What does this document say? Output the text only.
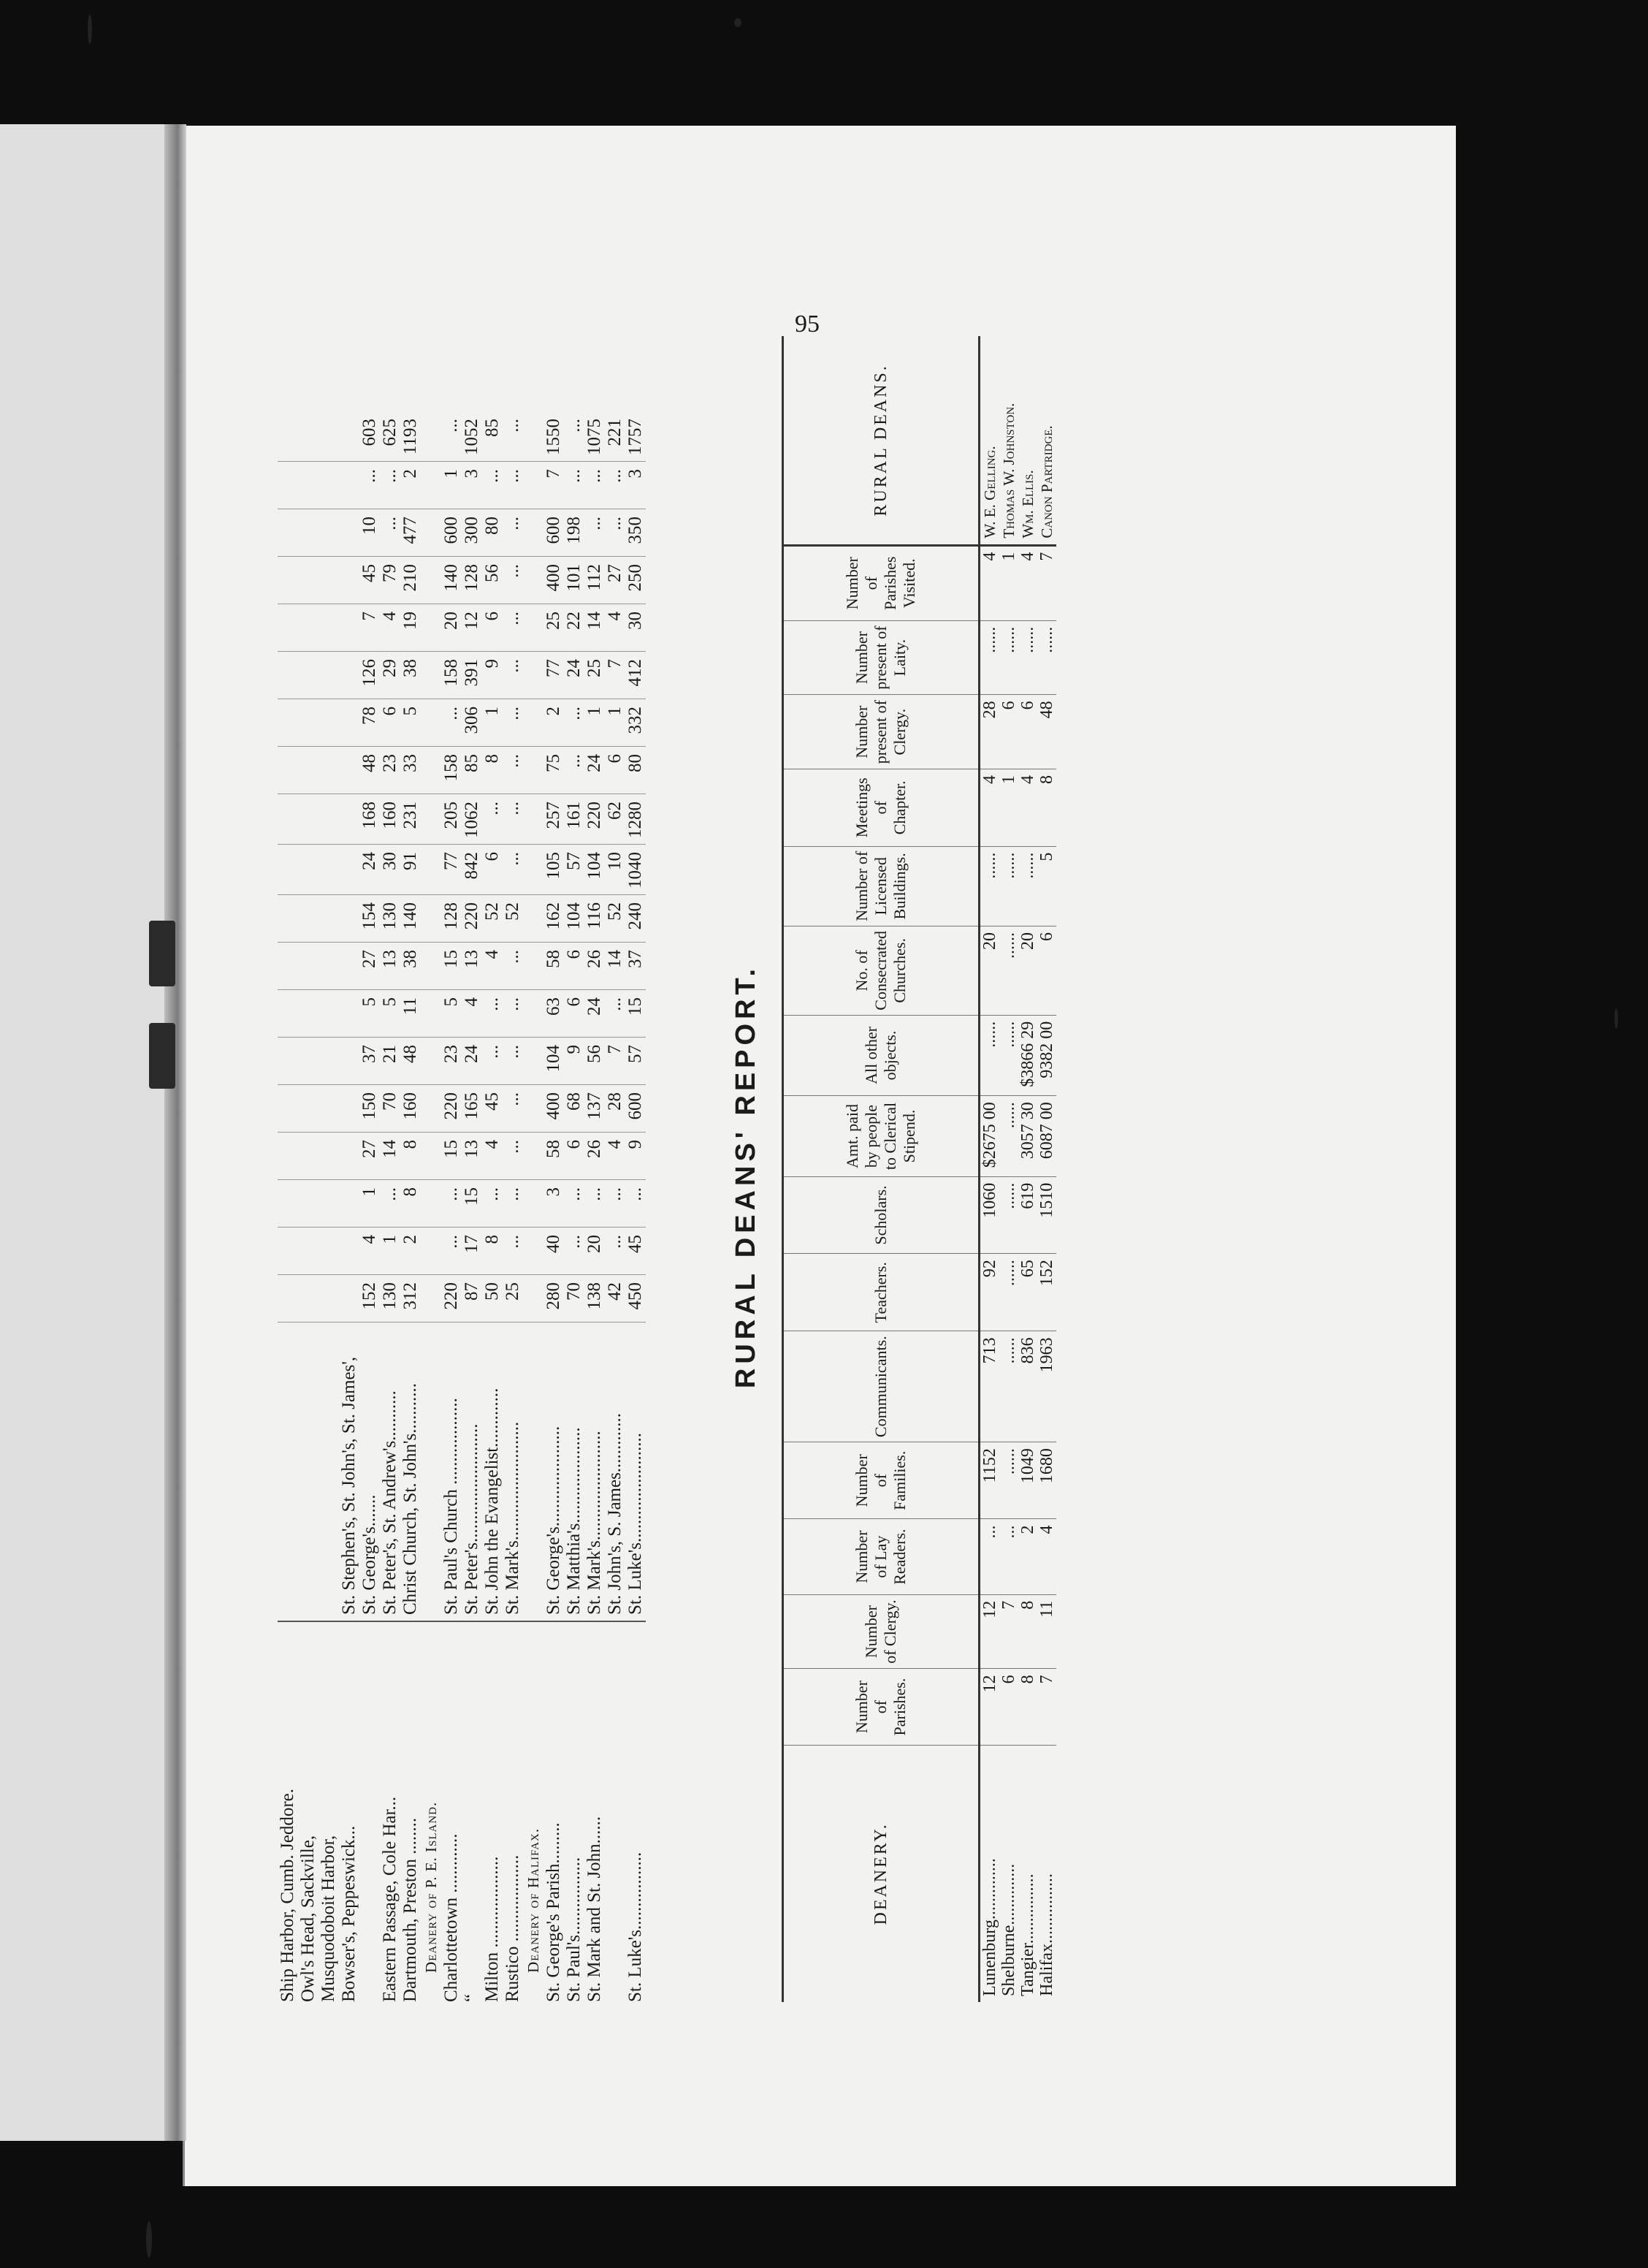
95
Ship Harbor, Cumb. Jeddore.																				
Owl's Head, Sackville,																				
Musquodoboit Harbor,																				
Bowser's, Peppeswick...	St. Stephen's, St. John's, St. James',																			
	St. George's.......	152	4	1	27	150	37	5	27	154	24	168	48	78	126	7	45	10	...	603
Eastern Passage, Cole Har...	St. Peter's, St. Andrew's...........	130	1	...	14	70	21	5	13	130	30	160	23	6	29	4	79	...	...	625
Dartmouth, Preston ........	Christ Church, St. John's...........	312	2	8	8	160	48	11	38	140	91	231	33	5	38	19	210	477	2	1193
Deanery of P. E. Island.																				
Charlottetown .............	St. Paul's Church ...................	220	...	...	15	220	23	5	15	128	77	205	158	...	158	20	140	600	1	...
“	St. Peter's..........................	87	17	15	13	165	24	4	13	220	842	1062	85	306	391	12	128	300	3	1052
Milton ....................	St. John the Evangelist.............	50	8	...	4	45	...	...	4	52	6	...	8	1	9	6	56	80	...	85
Rustico ...................	St. Mark's..........................	25	...	...	...	...	...	...	...	52	...	...	...	...	...	...	...	...	...	...
Deanery of Halifax.																				
St. George's Parish.........	St. George's......................	280	40	3	58	400	104	63	58	162	105	257	75	2	77	25	400	600	7	1550
St. Paul's.................	St. Matthia's.....................	70	...	...	6	68	9	6	6	104	57	161	...	...	24	22	101	198	...	...
St. Mark and St. John......	St. Mark's........................	138	20	...	26	137	56	24	26	116	104	220	24	1	25	14	112	...	...	1075
	St. John's, S. James.............	42	...	...	4	28	7	...	14	52	10	62	6	1	7	4	27	...	...	221
St. Luke's.................	St. Luke's........................	450	45	...	9	600	57	15	37	240	1040	1280	80	332	412	30	250	350	3	1757
RURAL DEANS' REPORT.
DEANERY.	Number of Parishes.	Number of Clergy.	Number of Lay Readers.	Number of Families.	Communicants.	Teachers.	Scholars.	Amt. paid by people to Clerical Stipend.	All other objects.	No. of Consecrated Churches.	Number of Licensed Buildings.	Meetings of Chapter.	Number present of Clergy.	Number present of Laity.	Number of Parishes Visited.	RURAL DEANS.
Lunenburg..............	12	12	...	1152	713	92	1060	$2675 00	......	20	......	4	28	......	4	W. E. Gelling.
Shelburne..............	6	7	...	......	......	......	......	......	......	......	......	1	6	......	1	Thomas W. Johnston.
Tangier................	8	8	2	1049	836	65	619	3057 30	$3866 29	20	......	4	6	......	4	Wm. Ellis.
Halifax................	7	11	4	1680	1963	152	1510	6087 00	9382 00	6	5	8	48	......	7	Canon Partridge.
